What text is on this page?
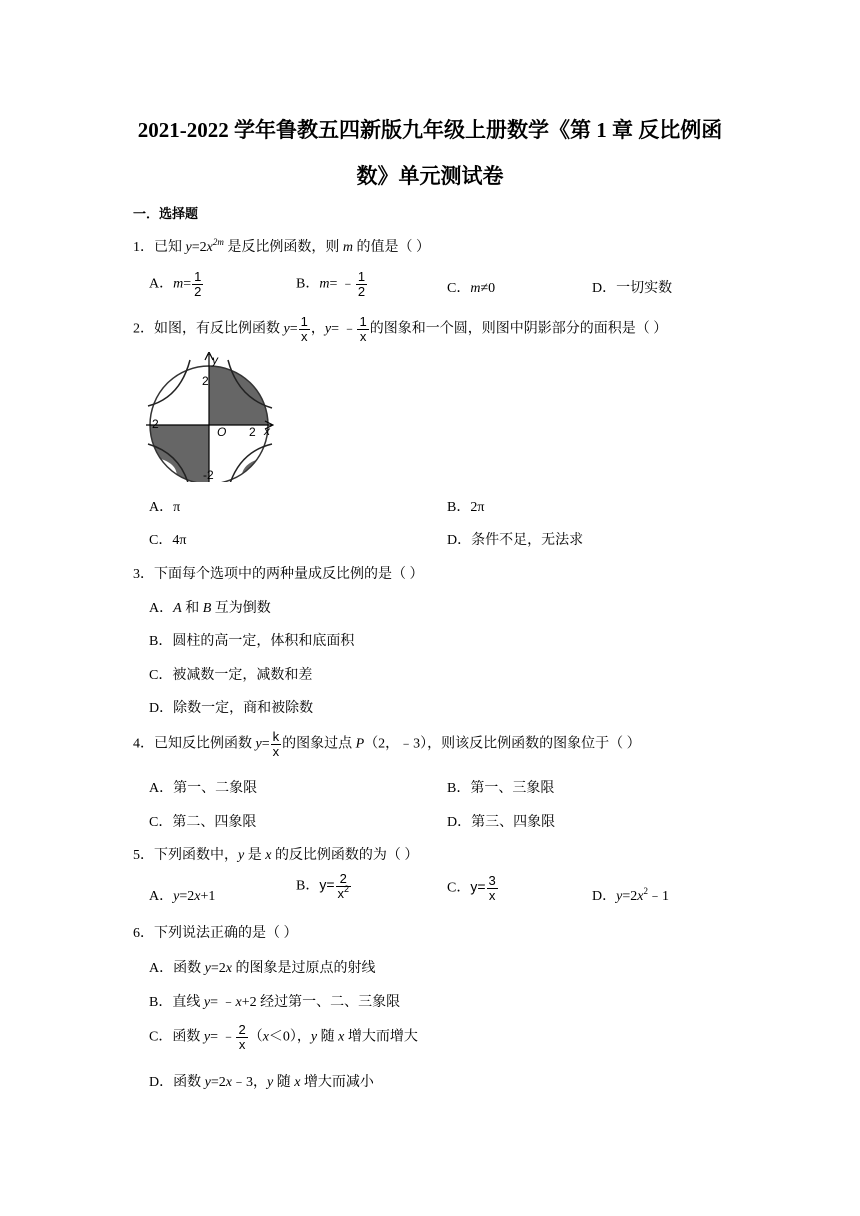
2021-2022 学年鲁教五四新版九年级上册数学《第 1 章 反比例函
数》单元测试卷
一．选择题
1．已知 $y=2x^{2m}$ 是反比例函数，则 m 的值是（ ）
A．$m= \frac{1}{2}$	B．m= ﹣ $\frac{1}{2}$	C．m≠0	D．一切实数
2．如图，有反比例函数 $y= \frac{1}{x}$ ，y= ﹣ $\frac{1}{x}$ 的图象和一个圆，则图中阴影部分的面积是（ ）
y
x
O
2
2
-2
-2
A．π	B．2π
C．4π	D．条件不足，无法求
3．下面每个选项中的两种量成反比例的是（ ）
A．A 和 B 互为倒数
B．圆柱的高一定，体积和底面积
C．被减数一定，减数和差
D．除数一定，商和被除数
4．已知反比例函数 $y= \frac{k}{x}$ 的图象过点 P（2，﹣3），则该反比例函数的图象位于（ ）
A．第一、二象限	B．第一、三象限
C．第二、四象限	D．第三、四象限
5．下列函数中，y 是 x 的反比例函数的为（ ）
A．y=2x+1
B．$y= \frac{2}{x^2}$	C．$y= \frac{3}{x}$	D．$y=2x^2﹣1$
6．下列说法正确的是（ ）
A．函数 y=2x 的图象是过原点的射线
B．直线 y= ﹣x+2 经过第一、二、三象限
C．函数 y= ﹣ $\frac{2}{x} (x<0)$，y 随 x 增大而增大
D．函数 y=2x﹣3，y 随 x 增大而减小
